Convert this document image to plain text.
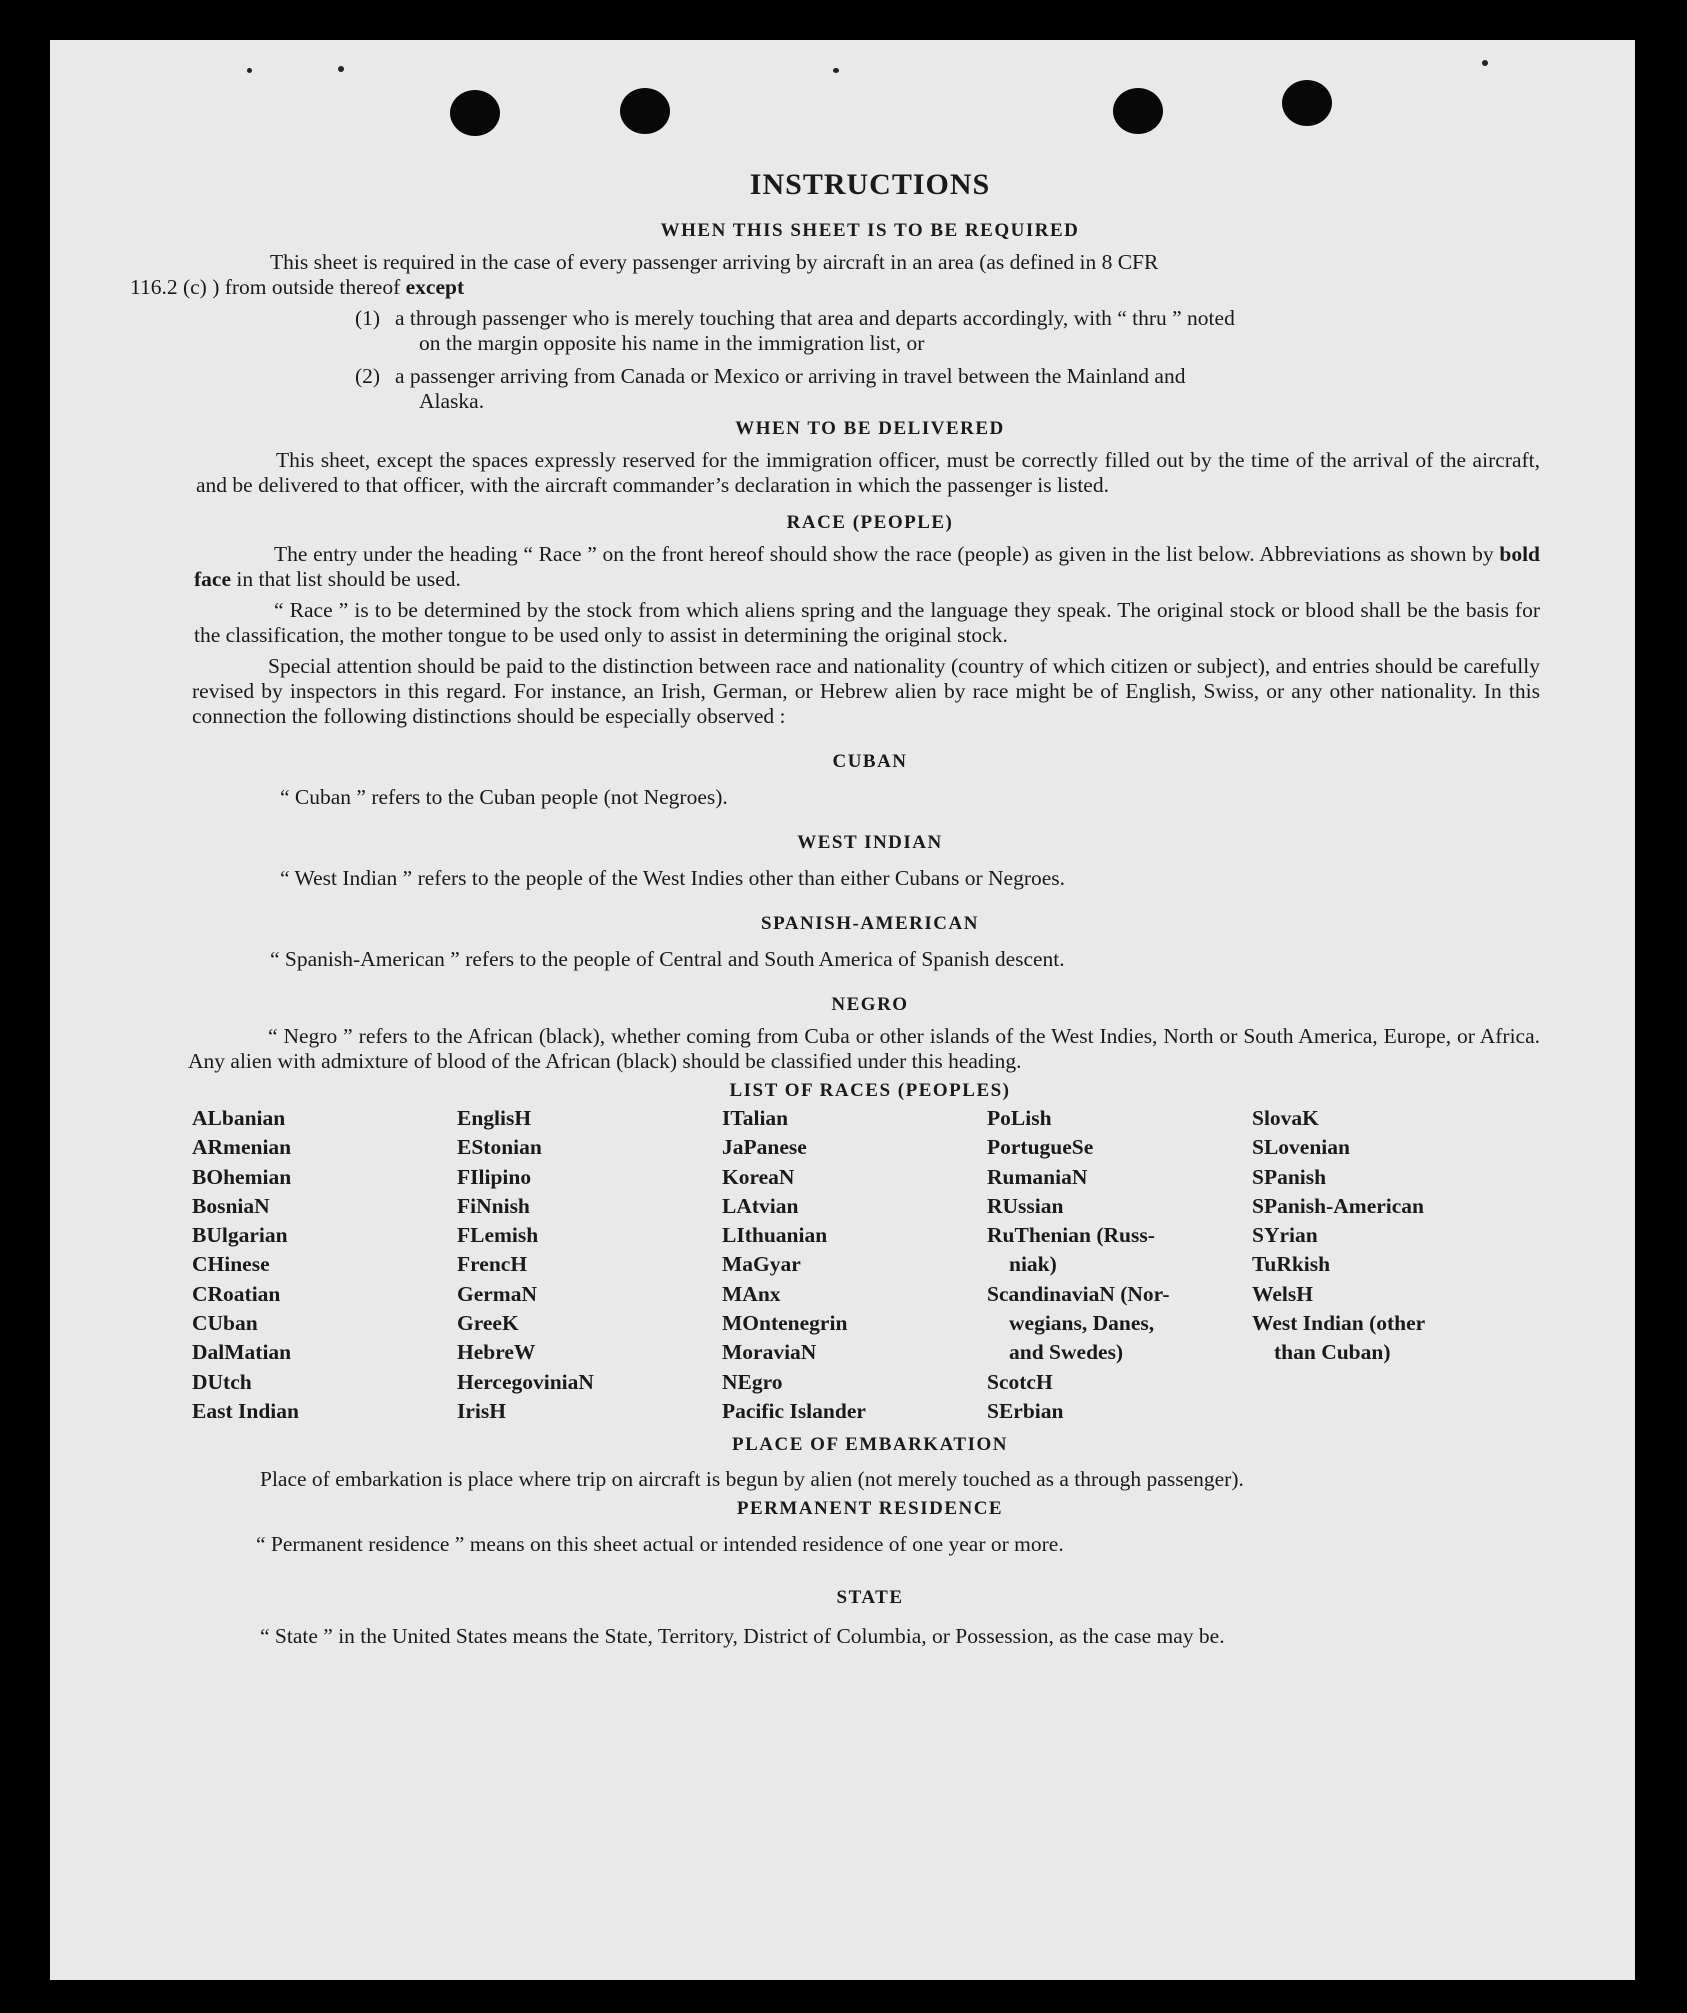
INSTRUCTIONS
WHEN THIS SHEET IS TO BE REQUIRED

This sheet is required in the case of every passenger arriving by aircraft in an area (as defined in 8 CFR
116.2 (c) ) from outside thereof except

(1) a through passenger who is merely touching that area and departs accordingly, with “ thru ” noted
on the margin opposite his name in the immigration list, or
(2) a passenger arriving from Canada or Mexico or arriving in travel between the Mainland and
Alaska.
WHEN TO BE DELIVERED

This sheet, except the spaces expressly reserved for the immigration officer, must be correctly filled out by the time of the arrival of the aircraft, and be delivered to that officer, with the aircraft commander’s declaration in which the passenger is listed.

RACE (PEOPLE)

The entry under the heading “ Race ” on the front hereof should show the race (people) as given in the list below. Abbreviations as shown by bold face in that list should be used.

“ Race ” is to be determined by the stock from which aliens spring and the language they speak. The original stock or blood shall be the basis for the classification, the mother tongue to be used only to assist in determining the original stock.

Special attention should be paid to the distinction between race and nationality (country of which citizen or subject), and entries should be carefully revised by inspectors in this regard. For instance, an Irish, German, or Hebrew alien by race might be of English, Swiss, or any other nationality. In this connection the following distinctions should be especially observed :

CUBAN
“ Cuban ” refers to the Cuban people (not Negroes).
WEST INDIAN
“ West Indian ” refers to the people of the West Indies other than either Cubans or Negroes.
SPANISH-AMERICAN
“ Spanish-American ” refers to the people of Central and South America of Spanish descent.
NEGRO

“ Negro ” refers to the African (black), whether coming from Cuba or other islands of the West Indies, North or South America, Europe, or Africa. Any alien with admixture of blood of the African (black) should be classified under this heading.

LIST OF RACES (PEOPLES)
ALbanian
ARmenian
BOhemian
BosniaN
BUlgarian
CHinese
CRoatian
CUban
DalMatian
DUtch
East Indian
EnglisH
EStonian
FIlipino
FiNnish
FLemish
FrencH
GermaN
GreeK
HebreW
HercegoviniaN
IrisH
ITalian
JaPanese
KoreaN
LAtvian
LIthuanian
MaGyar
MAnx
MOntenegrin
MoraviaN
NEgro
Pacific Islander
PoLish
PortugueSe
RumaniaN
RUssian
RuThenian (Russ-
niak)
ScandinaviaN (Nor-
wegians, Danes,
and Swedes)
ScotcH
SErbian
SlovaK
SLovenian
SPanish
SPanish-American
SYrian
TuRkish
WelsH
West Indian (other
than Cuban)
PLACE OF EMBARKATION

Place of embarkation is place where trip on aircraft is begun by alien (not merely touched as a through passenger).

PERMANENT RESIDENCE
“ Permanent residence ” means on this sheet actual or intended residence of one year or more.
STATE

“ State ” in the United States means the State, Territory, District of Columbia, or Possession, as the case may be.
